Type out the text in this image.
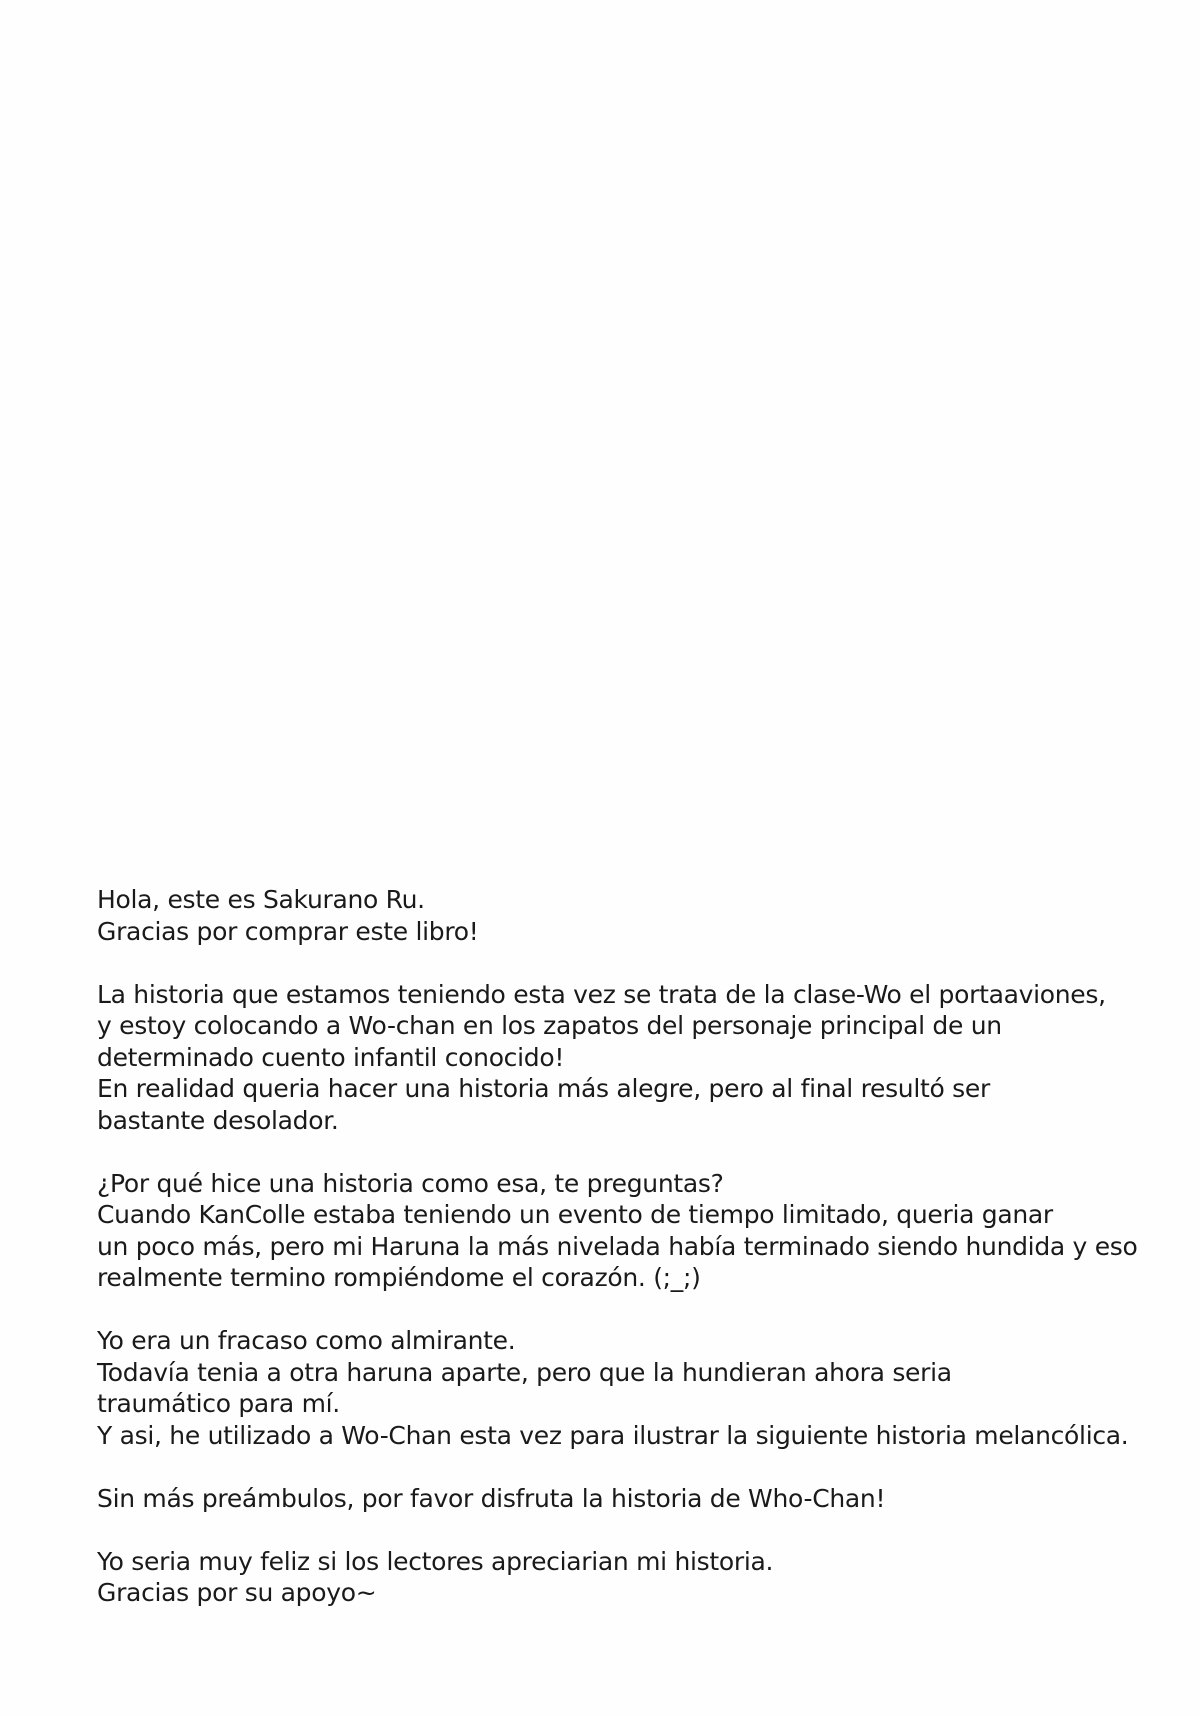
Hola, este es Sakurano Ru.
Gracias por comprar este libro!

La historia que estamos teniendo esta vez se trata de la clase-Wo el portaaviones,
y estoy colocando a Wo-chan en los zapatos del personaje principal de un
determinado cuento infantil conocido!
En realidad queria hacer una historia más alegre, pero al final resultó ser
bastante desolador.

¿Por qué hice una historia como esa, te preguntas?
Cuando KanColle estaba teniendo un evento de tiempo limitado, queria ganar
un poco más, pero mi Haruna la más nivelada había terminado siendo hundida y eso
realmente termino rompiéndome el corazón. (;_;)

Yo era un fracaso como almirante.
Todavía tenia a otra haruna aparte, pero que la hundieran ahora seria
traumático para mí.
Y asi, he utilizado a Wo-Chan esta vez para ilustrar la siguiente historia melancólica.

Sin más preámbulos, por favor disfruta la historia de Who-Chan!

Yo seria muy feliz si los lectores apreciarian mi historia.
Gracias por su apoyo~
